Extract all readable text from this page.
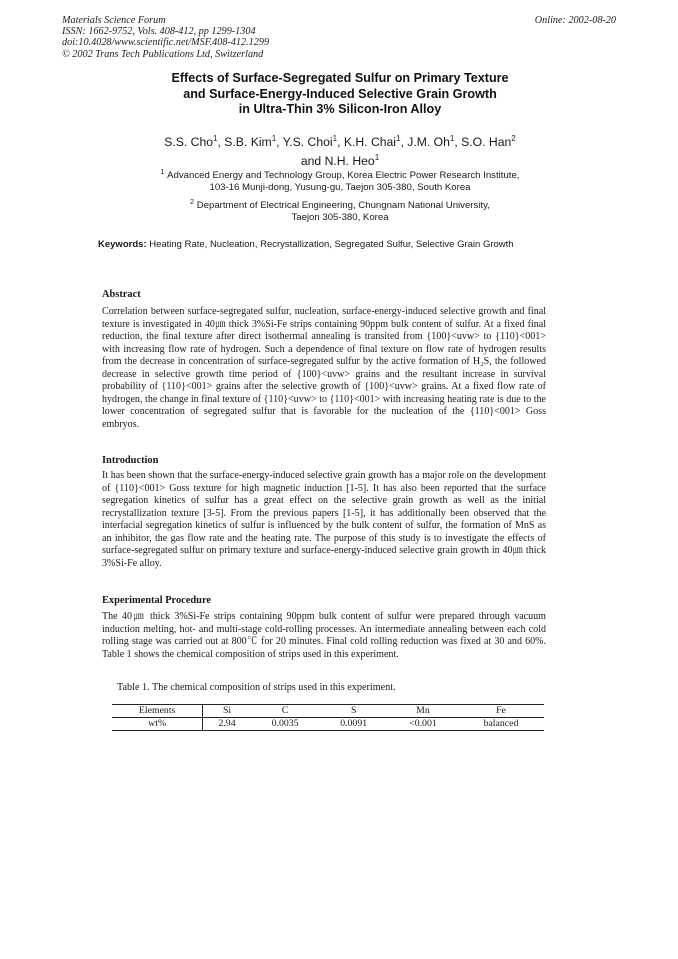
Materials Science Forum
ISSN: 1662-9752, Vols. 408-412, pp 1299-1304
doi:10.4028/www.scientific.net/MSF.408-412.1299
© 2002 Trans Tech Publications Ltd, Switzerland
Online: 2002-08-20
Effects of Surface-Segregated Sulfur on Primary Texture
and Surface-Energy-Induced Selective Grain Growth
in Ultra-Thin 3% Silicon-Iron Alloy
S.S. Cho$^1$, S.B. Kim$^1$, Y.S. Choi$^1$, K.H. Chai$^1$, J.M. Oh$^1$, S.O. Han$^2$
and N.H. Heo$^1$
$^1$ Advanced Energy and Technology Group, Korea Electric Power Research Institute,
103-16 Munji-dong, Yusung-gu, Taejon 305-380, South Korea
$^2$ Department of Electrical Engineering, Chungnam National University,
Taejon 305-380, Korea
Keywords: Heating Rate, Nucleation, Recrystallization, Segregated Sulfur, Selective Grain Growth
Abstract
Correlation between surface-segregated sulfur, nucleation, surface-energy-induced selective growth and final texture is investigated in 40㎛ thick 3%Si-Fe strips containing 90ppm bulk content of sulfur. At a fixed final reduction, the final texture after direct isothermal annealing is transited from {100}<uvw> to {110}<001> with increasing flow rate of hydrogen. Such a dependence of final texture on flow rate of hydrogen results from the decrease in concentration of surface-segregated sulfur by the active formation of H₂S, the followed decrease in selective growth time period of {100}<uvw> grains and the resultant increase in survival probability of {110}<001> grains after the selective growth of {100}<uvw> grains. At a fixed flow rate of hydrogen, the change in final texture of {110}<uvw> to {110}<001> with increasing heating rate is due to the lower concentration of segregated sulfur that is favorable for the nucleation of the {110}<001> Goss embryos.
Introduction
It has been shown that the surface-energy-induced selective grain growth has a major role on the development of {110}<001> Goss texture for high magnetic induction [1-5]. It has also been reported that the surface segregation kinetics of sulfur has a great effect on the selective grain growth as well as the initial recrystallization texture [3-5]. From the previous papers [1-5], it has additionally been observed that the interfacial segregation kinetics of sulfur is influenced by the bulk content of sulfur, the formation of MnS as an inhibitor, the gas flow rate and the heating rate. The purpose of this study is to investigate the effects of surface-segregated sulfur on primary texture and surface-energy-induced selective grain growth in 40㎛ thick 3%Si-Fe alloy.
Experimental Procedure
The 40㎛ thick 3%Si-Fe strips containing 90ppm bulk content of sulfur were prepared through vacuum induction melting, hot- and multi-stage cold-rolling processes. An intermediate annealing between each cold rolling stage was carried out at 800℃ for 20 minutes. Final cold rolling reduction was fixed at 30 and 60%. Table 1 shows the chemical composition of strips used in this experiment.
Table 1. The chemical composition of strips used in this experiment.
Elements	Si	C	S	Mn	Fe
wt%	2.94	0.0035	0.0091	<0.001	balanced
